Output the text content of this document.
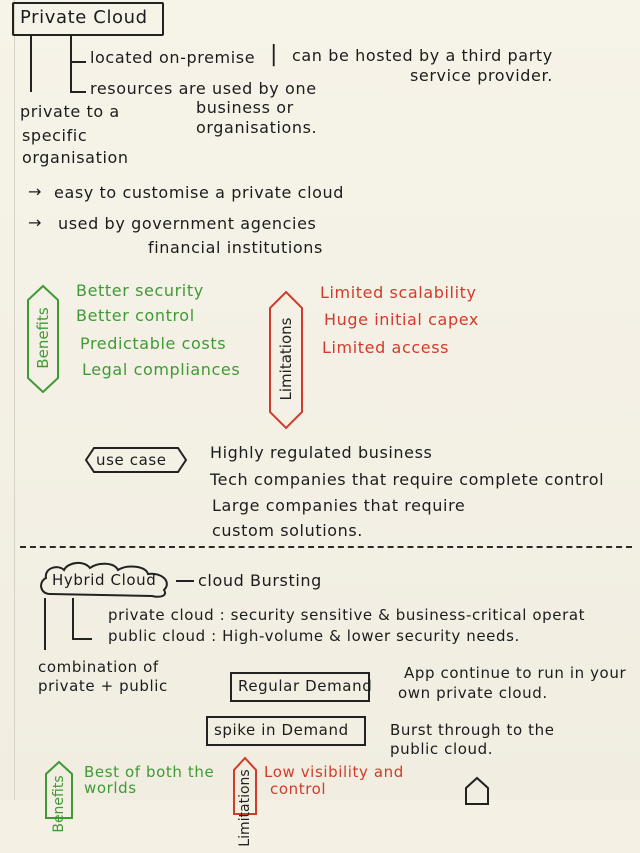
Private Cloud
located on-premise | can be hosted by a third party
service provider.
resources are used by one
business or
organisations.
private to a
specific
organisation
→ easy to customise a private cloud
→ used by government agencies
financial institutions
Benefits
Better security
Better control
Predictable costs
Legal compliances Limitations
Limited scalability
Huge initial capex
Limited access
use case	Highly regulated business
Tech companies that require complete control
Large companies that require
custom solutions.
Hybrid Cloud	cloud Bursting
private cloud : security sensitive & business-critical operat
public cloud : High-volume & lower security needs.
combination of
private + public	Regular Demand
App continue to run in your
own private cloud.
spike in Demand	Burst through to the
public cloud.
Benefits
Best of both the
worlds	Limitations Low visibility and
control
